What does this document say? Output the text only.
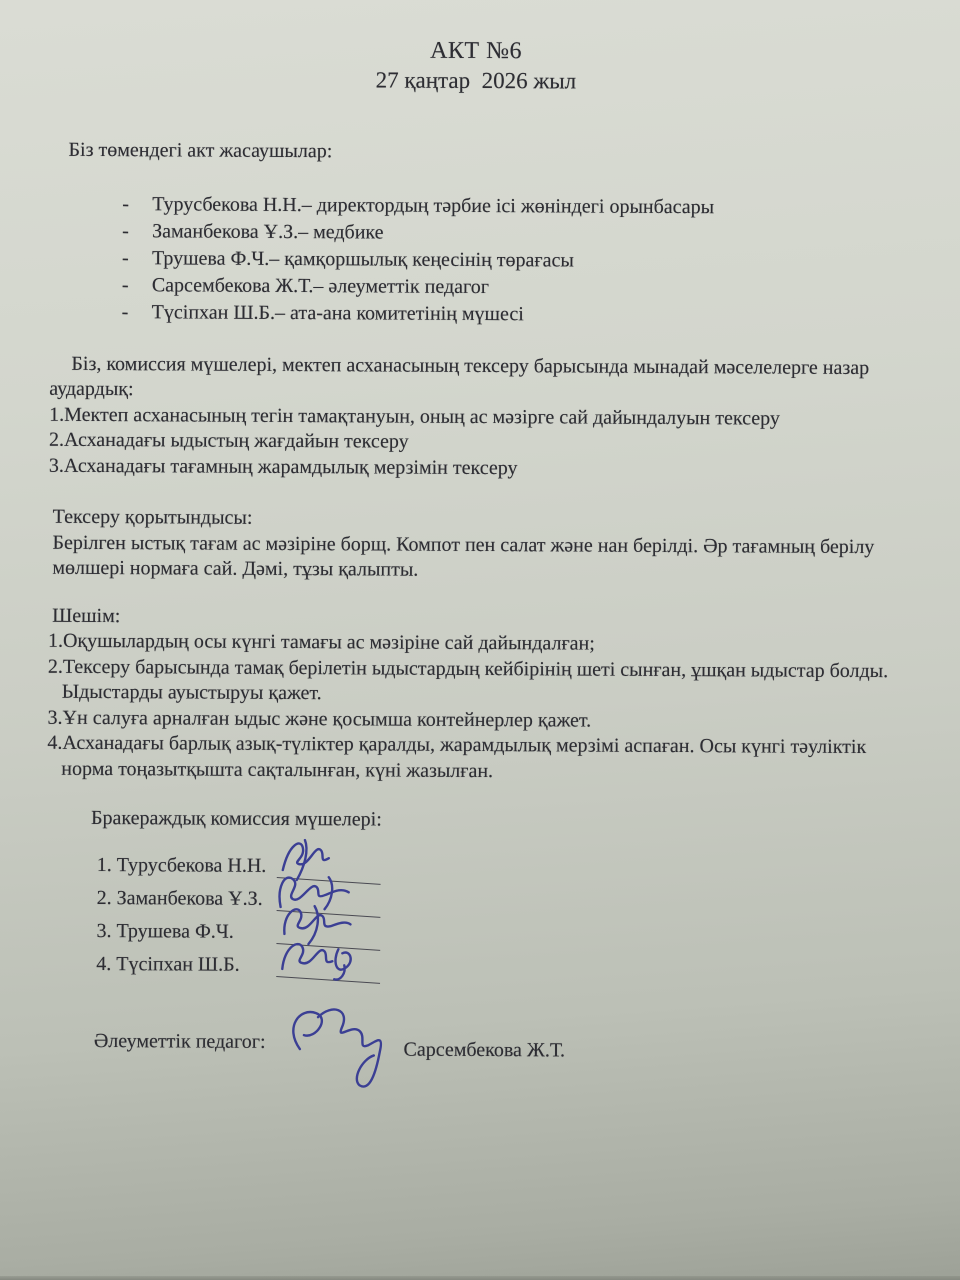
АКТ №6
27 қаңтар  2026 жыл

Біз төмендегі акт жасаушылар:

-	Турусбекова Н.Н.– директордың тәрбие ісі жөніндегі орынбасары
-	Заманбекова Ұ.З.– медбике
-	Трушева Ф.Ч.– қамқоршылық кеңесінің төрағасы
-	Сарсембекова Ж.Т.– әлеуметтік педагог
-	Түсіпхан Ш.Б.– ата-ана комитетінің мүшесі

Біз, комиссия мүшелері, мектеп асханасының тексеру барысында мынадай мәселелерге назар аудардық:

1.Мектеп асханасының тегін тамақтануын, оның ас мәзірге сай дайындалуын тексеру
2.Асханадағы ыдыстың жағдайын тексеру
3.Асханадағы тағамның жарамдылық мерзімін тексеру

Тексеру қорытындысы:

Берілген ыстық тағам ас мәзіріне борщ. Компот пен салат және нан берілді. Әр тағамның берілу мөлшері нормаға сай. Дәмі, тұзы қалыпты.

Шешім:

1.Оқушылардың осы күнгі тамағы ас мәзіріне сай дайындалған;
2.Тексеру барысында тамақ берілетін ыдыстардың кейбірінің шеті сынған, ұшқан ыдыстар болды. Ыдыстарды ауыстыруы қажет.
3.Ұн салуға арналған ыдыс және қосымша контейнерлер қажет.
4.Асханадағы барлық азық-түліктер қаралды, жарамдылық мерзімі аспаған. Осы күнгі тәуліктік норма тоңазытқышта сақталынған, күні жазылған.

Бракераждық комиссия мүшелері:

1. Турусбекова Н.Н.
2. Заманбекова Ұ.З.
3. Трушева Ф.Ч.
4. Түсіпхан Ш.Б.
Әлеуметтік педагог:	Сарсембекова Ж.Т.
